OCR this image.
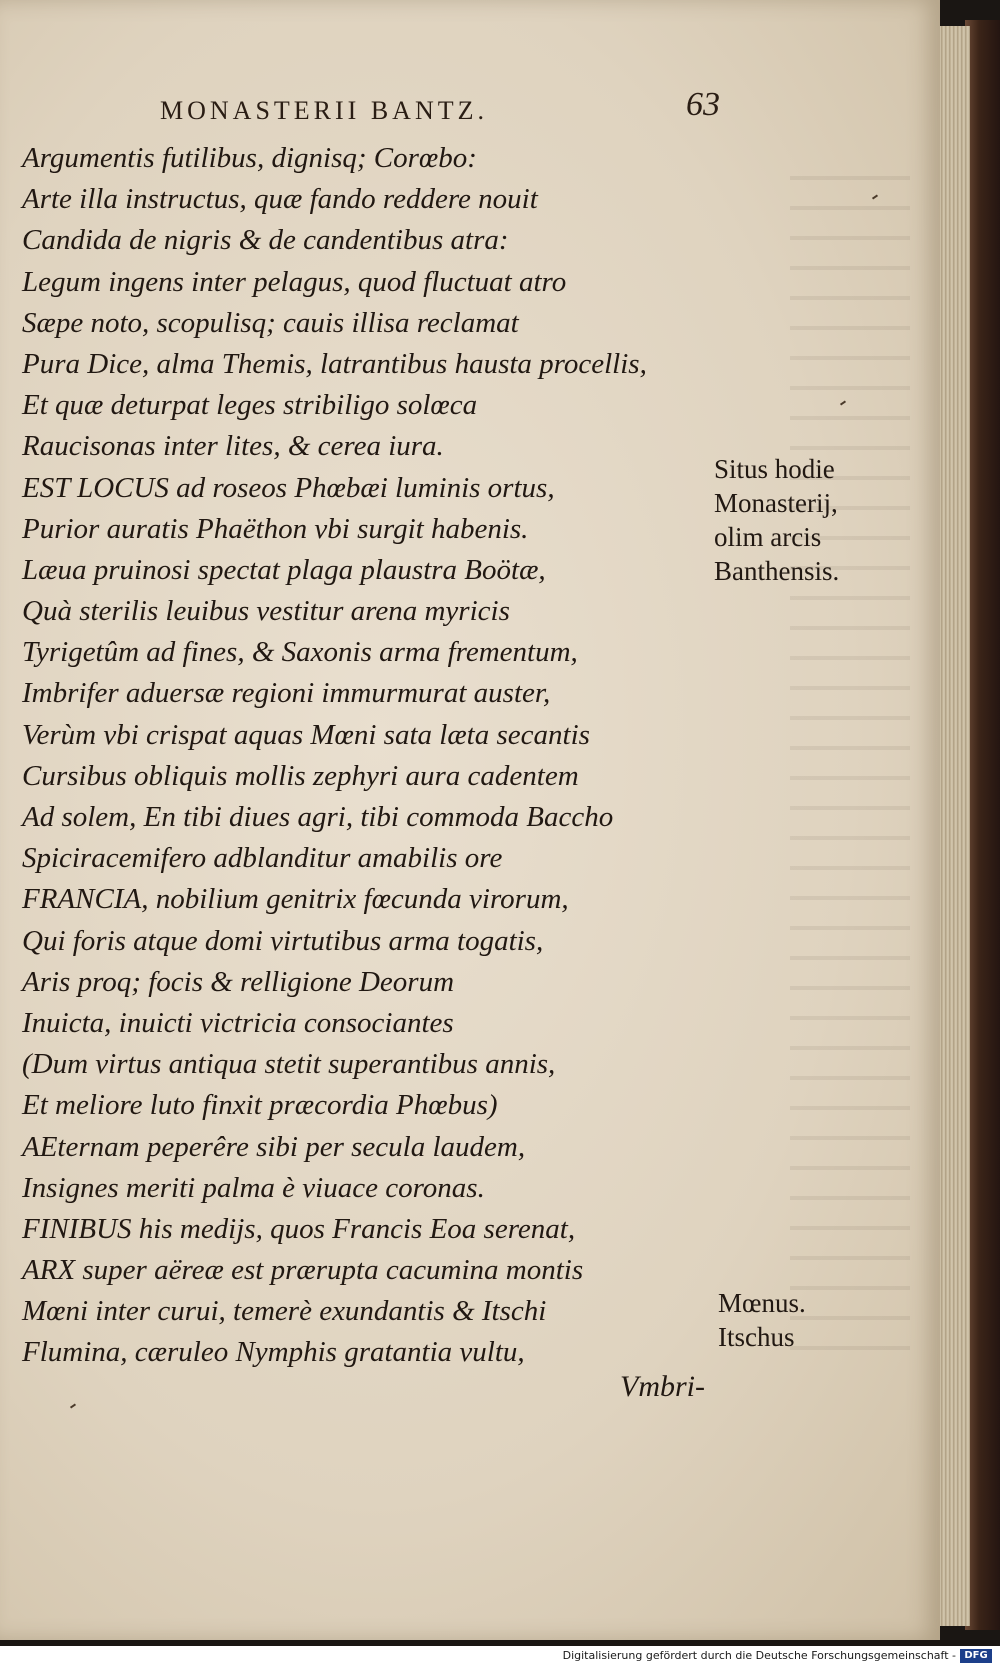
MONASTERII BANTZ.	63
Argumentis futilibus, dignisq; Corœbo:
Arte illa instructus, quæ fando reddere nouit
Candida de nigris & de candentibus atra:
Legum ingens inter pelagus, quod fluctuat atro
Sæpe noto, scopulisq; cauis illisa reclamat
Pura Dice, alma Themis, latrantibus hausta procellis,
Et quæ deturpat leges stribiligo solœca
Raucisonas inter lites, & cerea iura.
EST LOCUS ad roseos Phœbæi luminis ortus,
Purior auratis Phaëthon vbi surgit habenis.
Læua pruinosi spectat plaga plaustra Boötæ,
Quà sterilis leuibus vestitur arena myricis
Tyrigetûm ad fines, & Saxonis arma frementum,
Imbrifer aduersæ regioni immurmurat auster,
Verùm vbi crispat aquas Mœni sata læta secantis
Cursibus obliquis mollis zephyri aura cadentem
Ad solem, En tibi diues agri, tibi commoda Baccho
Spiciracemifero adblanditur amabilis ore
FRANCIA, nobilium genitrix fœcunda virorum,
Qui foris atque domi virtutibus arma togatis,
Aris proq; focis & relligione Deorum
Inuicta, inuicti victricia consociantes
(Dum virtus antiqua stetit superantibus annis,
Et meliore luto finxit præcordia Phœbus)
AEternam peperêre sibi per secula laudem,
Insignes meriti palma è viuace coronas.
FINIBUS his medijs, quos Francis Eoa serenat,
ARX super aëreæ est prærupta cacumina montis
Mœni inter curui, temerè exundantis & Itschi
Flumina, cæruleo Nymphis gratantia vultu,
Situs hodie
Monasterij,
olim arcis
Banthensis.
Mœnus.
Itschus
Vmbri-
Digitalisierung gefördert durch die Deutsche Forschungsgemeinschaft - DFG
